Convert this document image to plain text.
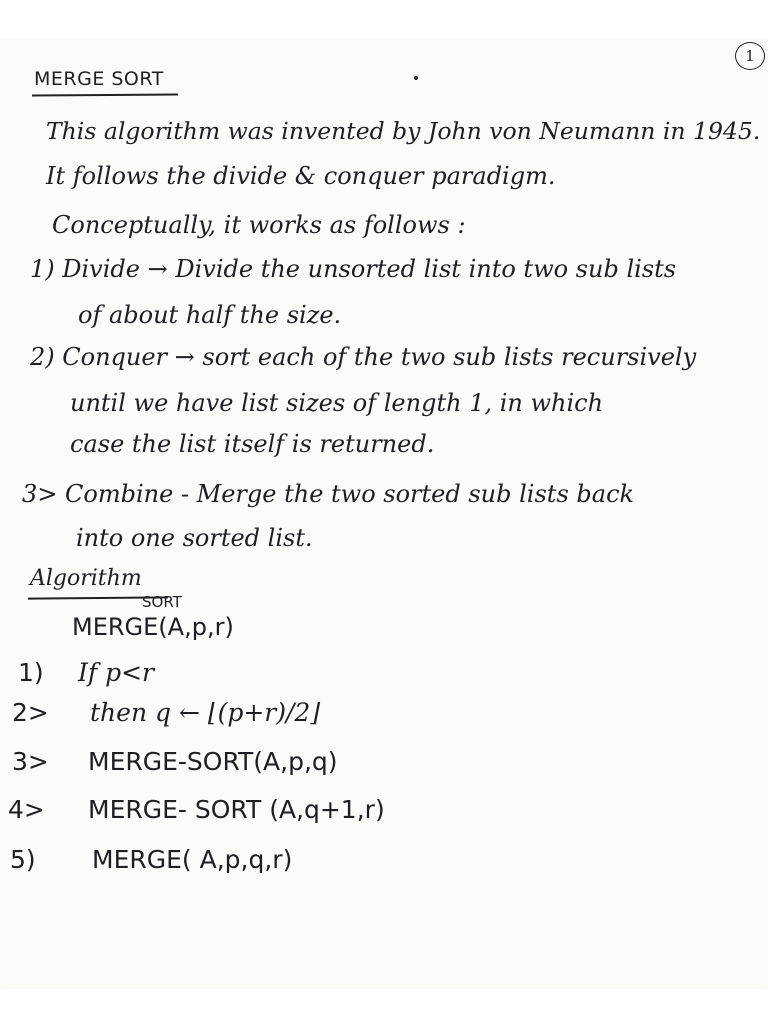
1
MERGE SORT
This algorithm was invented by John von Neumann in 1945.
It follows the divide & conquer paradigm.
Conceptually, it works as follows :
1) Divide → Divide the unsorted list into two sub lists
of about half the size.
2) Conquer → sort each of the two sub lists recursively
until we have list sizes of length 1, in which
case the list itself is returned.
3> Combine - Merge the two sorted sub lists back
into one sorted list.
Algorithm
SORT
MERGE(A,p,r)
1) If p<r
2> then q ← ⌊(p+r)/2⌋
3> MERGE-SORT(A,p,q)
4> MERGE- SORT (A,q+1,r)
5) MERGE( A,p,q,r)
